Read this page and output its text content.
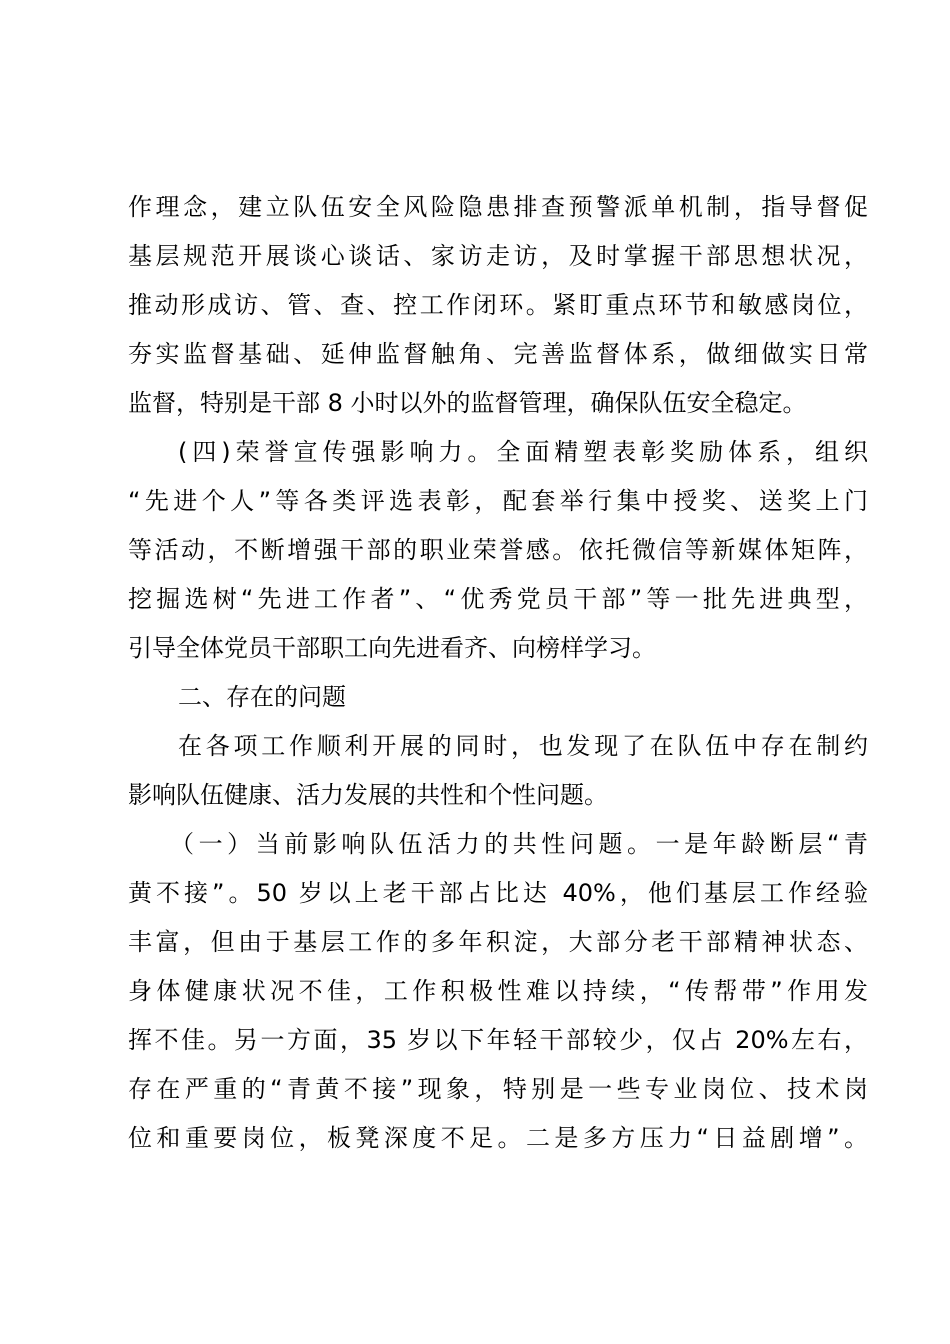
作理念，建立队伍安全风险隐患排查预警派单机制，指导督促
基层规范开展谈心谈话、家访走访，及时掌握干部思想状况，
推动形成访、管、查、控工作闭环。紧盯重点环节和敏感岗位，
夯实监督基础、延伸监督触角、完善监督体系，做细做实日常
监督，特别是干部 8 小时以外的监督管理，确保队伍安全稳定。
(四)荣誉宣传强影响力。全面精塑表彰奖励体系，组织
“先进个人”等各类评选表彰，配套举行集中授奖、送奖上门
等活动，不断增强干部的职业荣誉感。依托微信等新媒体矩阵，
挖掘选树“先进工作者”、“优秀党员干部”等一批先进典型，
引导全体党员干部职工向先进看齐、向榜样学习。
二、存在的问题
在各项工作顺利开展的同时，也发现了在队伍中存在制约
影响队伍健康、活力发展的共性和个性问题。
（一）当前影响队伍活力的共性问题。一是年龄断层“青
黄不接”。50 岁以上老干部占比达 40%，他们基层工作经验
丰富，但由于基层工作的多年积淀，大部分老干部精神状态、
身体健康状况不佳，工作积极性难以持续，“传帮带”作用发
挥不佳。另一方面，35 岁以下年轻干部较少，仅占 20%左右，
存在严重的“青黄不接”现象，特别是一些专业岗位、技术岗
位和重要岗位，板凳深度不足。二是多方压力“日益剧增”。
